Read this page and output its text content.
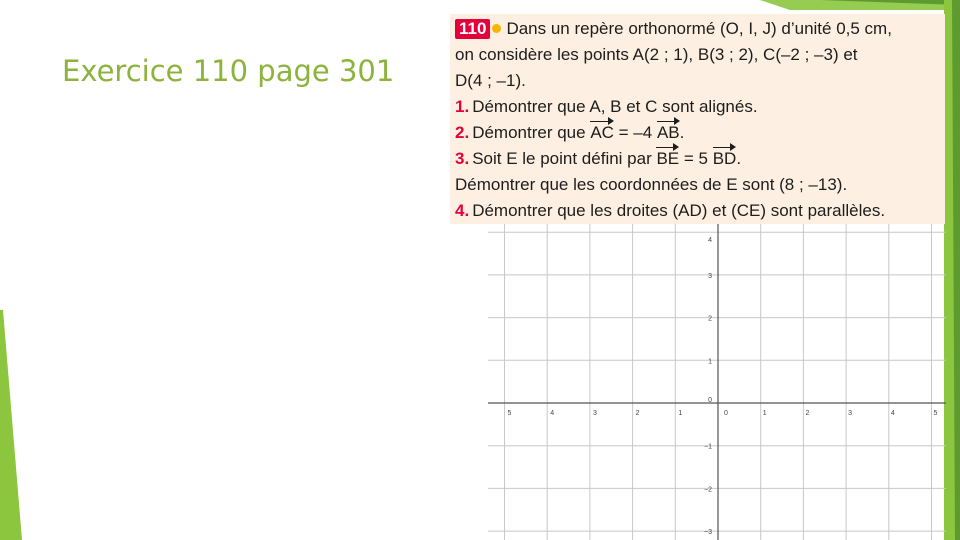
Exercice 110 page 301

110 Dans un repère orthonormé (O, I, J) d’unité 0,5 cm,

on considère les points A(2 ; 1), B(3 ; 2), C(–2 ; –3) et

D(4 ; –1).

1. Démontrer que A, B et C sont alignés.

2. Démontrer que AC = –4 AB.

3. Soit E le point défini par BE = 5 BD.

Démontrer que les coordonnées de E sont (8 ; –13).

4. Démontrer que les droites (AD) et (CE) sont parallèles.

5	4	3	2	1	0	1	2	3	4	5
4
3
2
1
0
−1
−2
−3
